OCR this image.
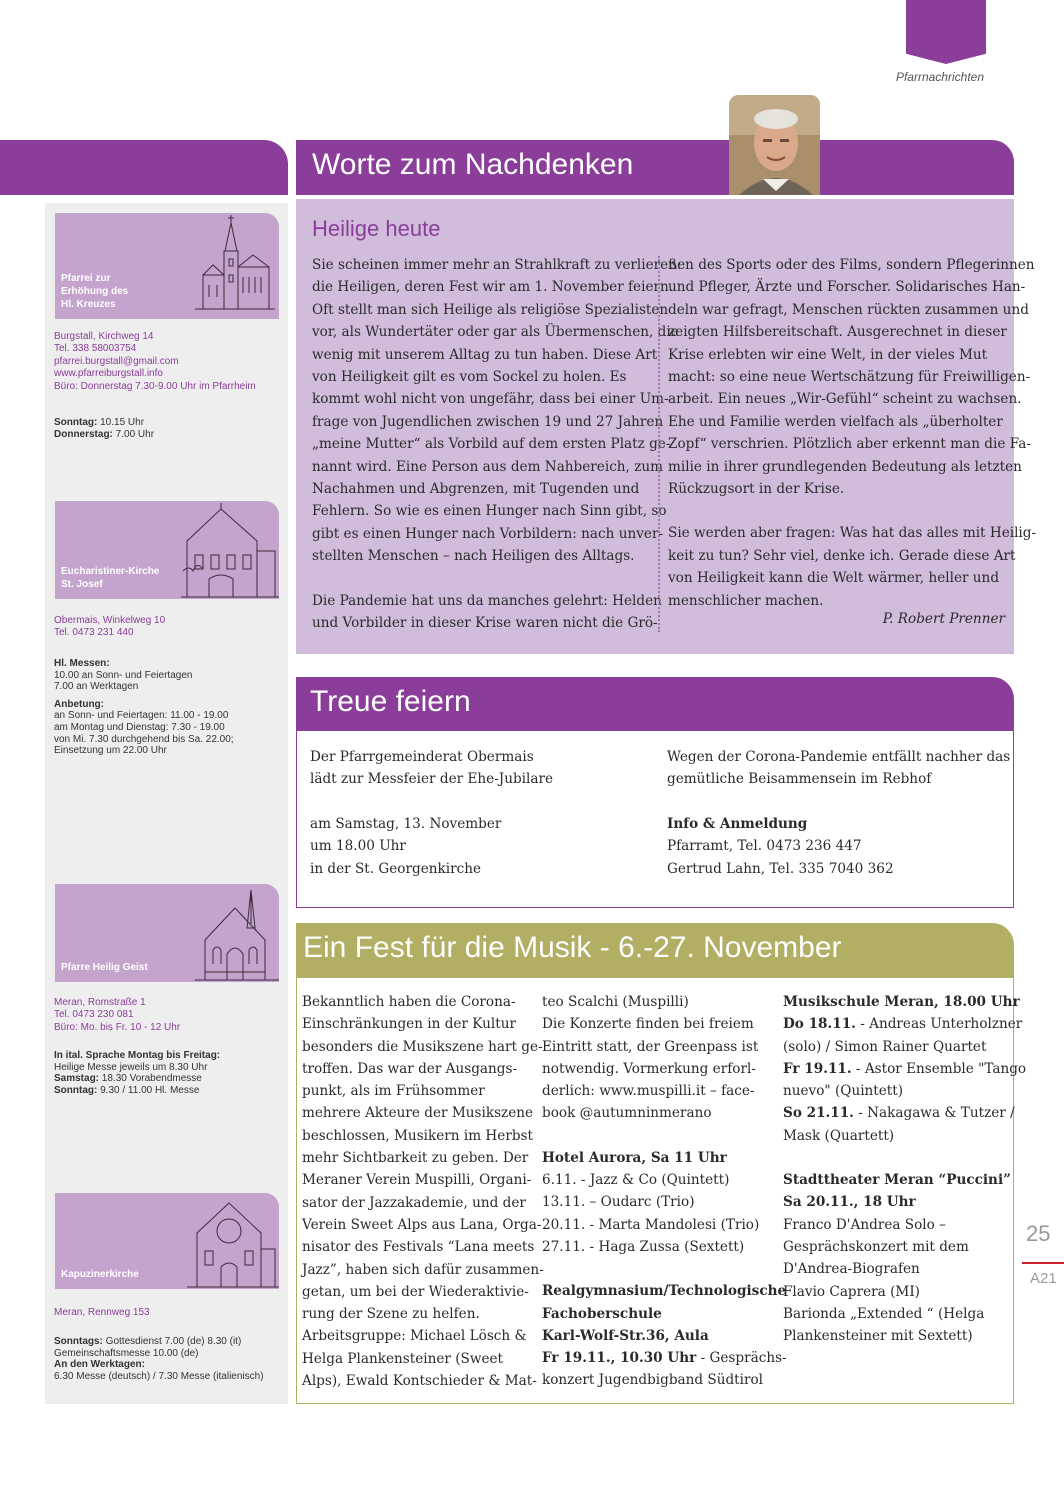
Pfarrnachrichten
Pfarrei zur
Erhöhung des
Hl. Kreuzes
Burgstall, Kirchweg 14
Tel. 338 58003754
pfarrei.burgstall@gmail.com
www.pfarreiburgstall.info
Büro: Donnerstag 7.30-9.00 Uhr im Pfarrheim
Sonntag: 10.15 Uhr
Donnerstag: 7.00 Uhr
Eucharistiner-Kirche
St. Josef
Obermais, Winkelweg 10
Tel. 0473 231 440
Hl. Messen:
10.00 an Sonn- und Feiertagen
7.00 an Werktagen
Anbetung:
an Sonn- und Feiertagen: 11.00 - 19.00
am Montag und Dienstag: 7.30 - 19.00
von Mi. 7.30 durchgehend bis Sa. 22.00;
Einsetzung um 22.00 Uhr
Pfarre Heilig Geist
Meran, Romstraße 1
Tel. 0473 230 081
Büro: Mo. bis Fr. 10 - 12 Uhr
In ital. Sprache Montag bis Freitag:
Heilige Messe jeweils um 8.30 Uhr
Samstag: 18.30 Vorabendmesse
Sonntag: 9.30 / 11.00 Hl. Messe
Kapuzinerkirche
Meran, Rennweg 153
Sonntags: Gottesdienst 7.00 (de) 8.30 (it)
Gemeinschaftsmesse 10.00 (de)
An den Werktagen:
6.30 Messe (deutsch) / 7.30 Messe (italienisch)
Worte zum Nachdenken
Heilige heute
Sie scheinen immer mehr an Strahlkraft zu verlieren:
die Heiligen, deren Fest wir am 1. November feiern.
Oft stellt man sich Heilige als religiöse Spezialisten
vor, als Wundertäter oder gar als Übermenschen, die
wenig mit unserem Alltag zu tun haben. Diese Art
von Heiligkeit gilt es vom Sockel zu holen. Es
kommt wohl nicht von ungefähr, dass bei einer Um-
frage von Jugendlichen zwischen 19 und 27 Jahren
„meine Mutter“ als Vorbild auf dem ersten Platz ge-
nannt wird. Eine Person aus dem Nahbereich, zum
Nachahmen und Abgrenzen, mit Tugenden und
Fehlern. So wie es einen Hunger nach Sinn gibt, so
gibt es einen Hunger nach Vorbildern: nach unver-
stellten Menschen – nach Heiligen des Alltags.
Die Pandemie hat uns da manches gelehrt: Helden
und Vorbilder in dieser Krise waren nicht die Grö-
ßen des Sports oder des Films, sondern Pflegerinnen
und Pfleger, Ärzte und Forscher. Solidarisches Han-
deln war gefragt, Menschen rückten zusammen und
zeigten Hilfsbereitschaft. Ausgerechnet in dieser
Krise erlebten wir eine Welt, in der vieles Mut
macht: so eine neue Wertschätzung für Freiwilligen-
arbeit. Ein neues „Wir-Gefühl“ scheint zu wachsen.
Ehe und Familie werden vielfach als „überholter
Zopf“ verschrien. Plötzlich aber erkennt man die Fa-
milie in ihrer grundlegenden Bedeutung als letzten
Rückzugsort in der Krise.
Sie werden aber fragen: Was hat das alles mit Heilig-
keit zu tun? Sehr viel, denke ich. Gerade diese Art
von Heiligkeit kann die Welt wärmer, heller und
menschlicher machen.
P. Robert Prenner
Treue feiern
Der Pfarrgemeinderat Obermais
lädt zur Messfeier der Ehe-Jubilare
am Samstag, 13. November
um 18.00 Uhr
in der St. Georgenkirche
Wegen der Corona-Pandemie entfällt nachher das
gemütliche Beisammensein im Rebhof
Info & Anmeldung
Pfarramt, Tel. 0473 236 447
Gertrud Lahn, Tel. 335 7040 362
Ein Fest für die Musik - 6.-27. November
Bekanntlich haben die Corona-
Einschränkungen in der Kultur
besonders die Musikszene hart ge-
troffen. Das war der Ausgangs-
punkt, als im Frühsommer
mehrere Akteure der Musikszene
beschlossen, Musikern im Herbst
mehr Sichtbarkeit zu geben. Der
Meraner Verein Muspilli, Organi-
sator der Jazzakademie, und der
Verein Sweet Alps aus Lana, Orga-
nisator des Festivals “Lana meets
Jazz”, haben sich dafür zusammen-
getan, um bei der Wiederaktivie-
rung der Szene zu helfen.
Arbeitsgruppe: Michael Lösch &
Helga Plankensteiner (Sweet
Alps), Ewald Kontschieder & Mat-
teo Scalchi (Muspilli)
Die Konzerte finden bei freiem
Eintritt statt, der Greenpass ist
notwendig. Vormerkung erforl-
derlich: www.muspilli.it – face-
book @autumninmerano
Hotel Aurora, Sa 11 Uhr
6.11. - Jazz & Co (Quintett)
13.11. – Oudarc (Trio)
20.11. - Marta Mandolesi (Trio)
27.11. - Haga Zussa (Sextett)
Realgymnasium/Technologische
Fachoberschule
Karl-Wolf-Str.36, Aula
Fr 19.11., 10.30 Uhr - Gesprächs-
konzert Jugendbigband Südtirol
Musikschule Meran, 18.00 Uhr
Do 18.11. - Andreas Unterholzner
(solo) / Simon Rainer Quartet
Fr 19.11. - Astor Ensemble "Tango
nuevo" (Quintett)
So 21.11. - Nakagawa & Tutzer /
Mask (Quartett)
Stadttheater Meran “Puccini”
Sa 20.11., 18 Uhr
Franco D'Andrea Solo –
Gesprächskonzert mit dem
D'Andrea-Biografen
Flavio Caprera (MI)
Barionda „Extended “ (Helga
Plankensteiner mit Sextett)
25
A21
